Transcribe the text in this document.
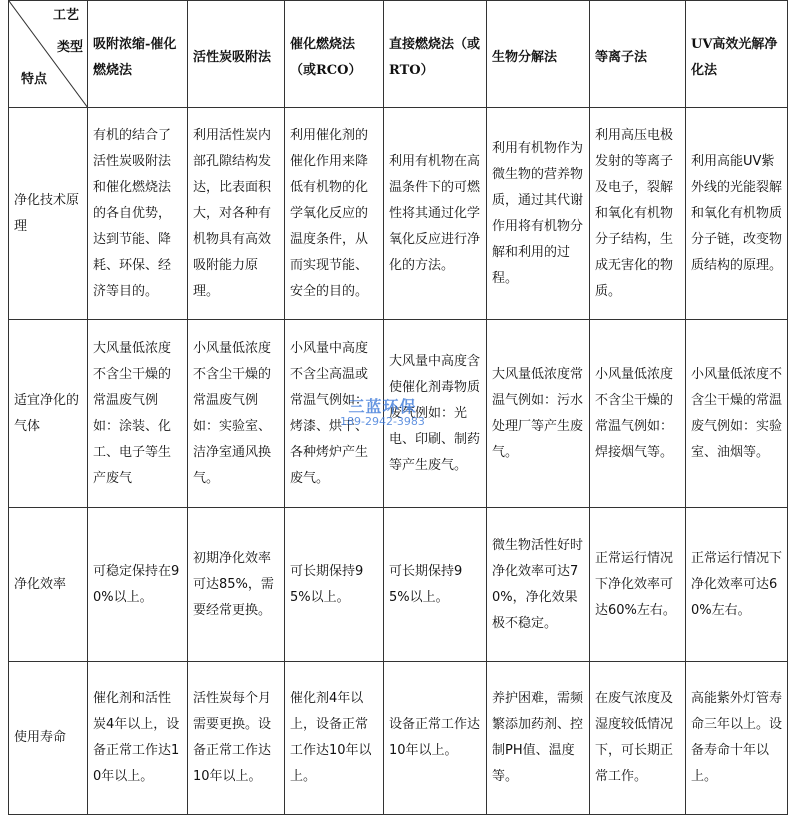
工艺
类型
特点	吸附浓缩-催化燃烧法	活性炭吸附法	催化燃烧法（或RCO）	直接燃烧法（或RTO）	生物分解法	等离子法	UV高效光解净化法
净化技术原理	有机的结合了活性炭吸附法和催化燃烧法的各自优势，达到节能、降耗、环保、经济等目的。	利用活性炭内部孔隙结构发达，比表面积大，对各种有机物具有高效吸附能力原理。	利用催化剂的催化作用来降低有机物的化学氧化反应的温度条件，从而实现节能、安全的目的。	利用有机物在高温条件下的可燃性将其通过化学氧化反应进行净化的方法。	利用有机物作为微生物的营养物质，通过其代谢作用将有机物分解和利用的过程。	利用高压电极发射的等离子及电子，裂解和氧化有机物分子结构，生成无害化的物质。	利用高能UV紫外线的光能裂解和氧化有机物质分子链，改变物质结构的原理。
适宜净化的气体	大风量低浓度不含尘干燥的常温废气例如：涂装、化工、电子等生产废气	小风量低浓度不含尘干燥的常温废气例如：实验室、洁净室通风换气。	小风量中高度不含尘高温或常温气例如：烤漆、烘干、各种烤炉产生废气。	大风量中高度含使催化剂毒物质废气例如：光电、印刷、制药等产生废气。	大风量低浓度常温气例如：污水处理厂等产生废气。	小风量低浓度不含尘干燥的常温气例如：焊接烟气等。	小风量低浓度不含尘干燥的常温废气例如：实验室、油烟等。
净化效率	可稳定保持在90%以上。	初期净化效率可达85%，需要经常更换。	可长期保持95%以上。	可长期保持95%以上。	微生物活性好时净化效率可达70%，净化效果极不稳定。	正常运行情况下净化效率可达60%左右。	正常运行情况下净化效率可达60%左右。
使用寿命	催化剂和活性炭4年以上，设备正常工作达10年以上。	活性炭每个月需要更换。设备正常工作达10年以上。	催化剂4年以上，设备正常工作达10年以上。	设备正常工作达10年以上。	养护困难，需频繁添加药剂、控制PH值、温度等。	在废气浓度及湿度较低情况下，可长期正常工作。	高能紫外灯管寿命三年以上。设备寿命十年以上。
三蓝环保
189-2942-3983
